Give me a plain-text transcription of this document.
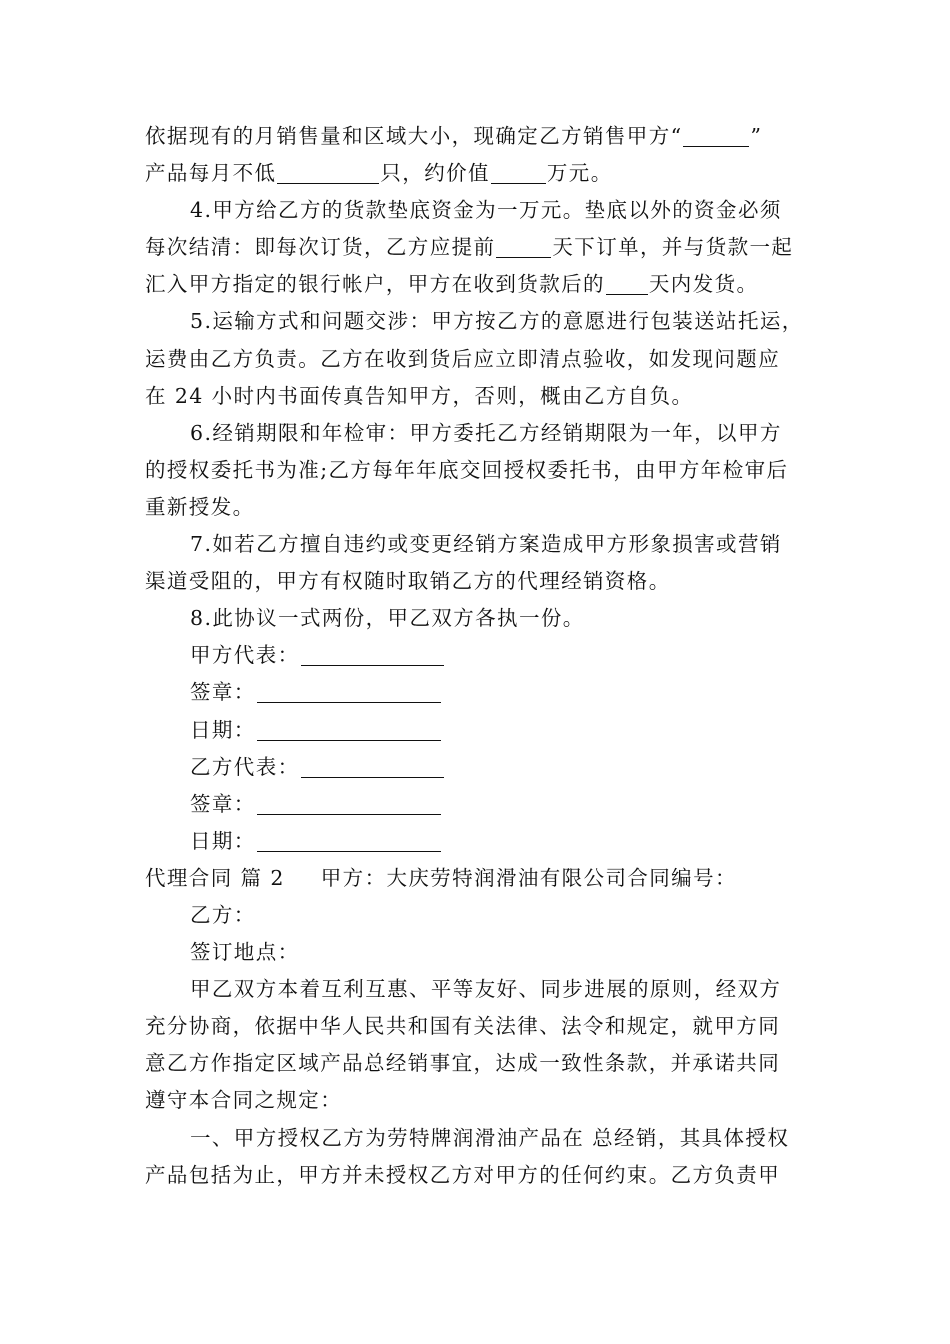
依据现有的月销售量和区域大小，现确定乙方销售甲方“	”
产品每月不低	只，约价值	万元。
4.甲方给乙方的货款垫底资金为一万元。垫底以外的资金必须
每次结清：即每次订货，乙方应提前	天下订单，并与货款一起
汇入甲方指定的银行帐户，甲方在收到货款后的 天内发货。
5.运输方式和问题交涉：甲方按乙方的意愿进行包装送站托运，
运费由乙方负责。乙方在收到货后应立即清点验收，如发现问题应
在 24 小时内书面传真告知甲方，否则，概由乙方自负。
6.经销期限和年检审：甲方委托乙方经销期限为一年，以甲方
的授权委托书为准;乙方每年年底交回授权委托书，由甲方年检审后
重新授发。
7.如若乙方擅自违约或变更经销方案造成甲方形象损害或营销
渠道受阻的，甲方有权随时取销乙方的代理经销资格。
8.此协议一式两份，甲乙双方各执一份。
甲方代表：
签章：
日期：
乙方代表：
签章：
日期：
代理合同 篇 2 甲方：大庆劳特润滑油有限公司合同编号：
乙方：
签订地点：
甲乙双方本着互利互惠、平等友好、同步进展的原则，经双方
充分协商，依据中华人民共和国有关法律、法令和规定，就甲方同
意乙方作指定区域产品总经销事宜，达成一致性条款，并承诺共同
遵守本合同之规定：
一、甲方授权乙方为劳特牌润滑油产品在 总经销，其具体授权
产品包括为止，甲方并未授权乙方对甲方的任何约束。乙方负责甲
